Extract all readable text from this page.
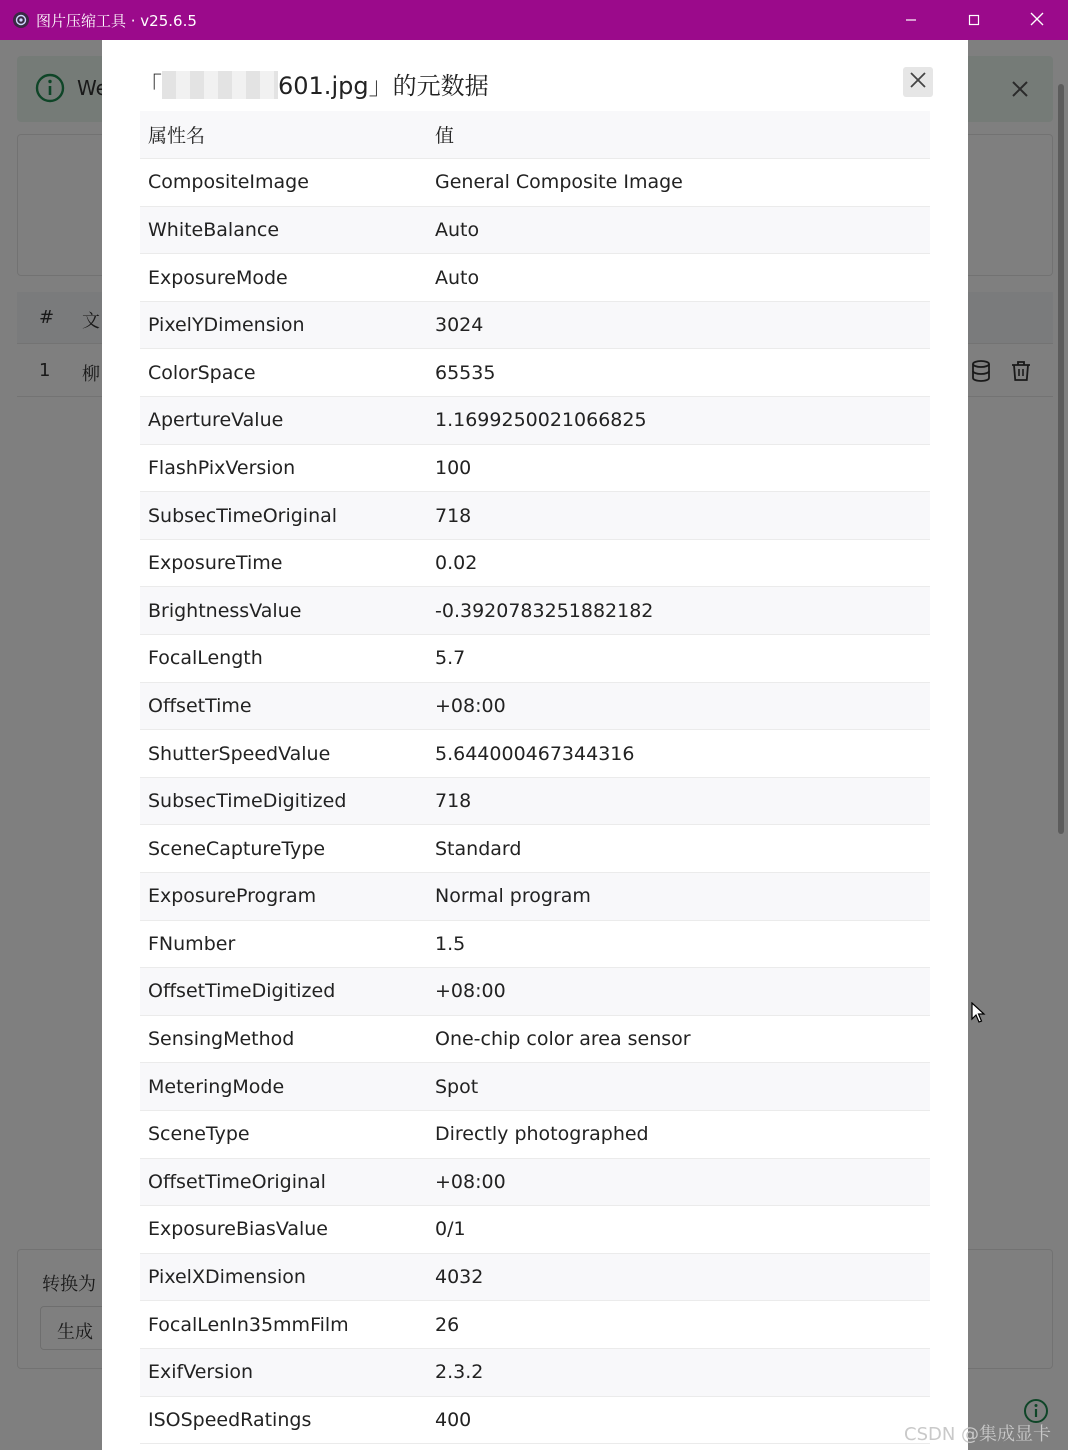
图片压缩工具 · v25.6.5
「	601.jpg」的元数据
属性名	值
CompositeImage	General Composite Image
WhiteBalance	Auto
ExposureMode	Auto
PixelYDimension	3024
ColorSpace	65535
ApertureValue	1.1699250021066825
FlashPixVersion	100
SubsecTimeOriginal	718
ExposureTime	0.02
BrightnessValue	-0.3920783251882182
FocalLength	5.7
OffsetTime	+08:00
ShutterSpeedValue	5.644000467344316
SubsecTimeDigitized	718
SceneCaptureType	Standard
ExposureProgram	Normal program
FNumber	1.5
OffsetTimeDigitized	+08:00
SensingMethod	One-chip color area sensor
MeteringMode	Spot
SceneType	Directly photographed
OffsetTimeOriginal	+08:00
ExposureBiasValue	0/1
PixelXDimension	4032
FocalLenIn35mmFilm	26
ExifVersion	2.3.2
ISOSpeedRatings	400
CSDN @集成显卡
